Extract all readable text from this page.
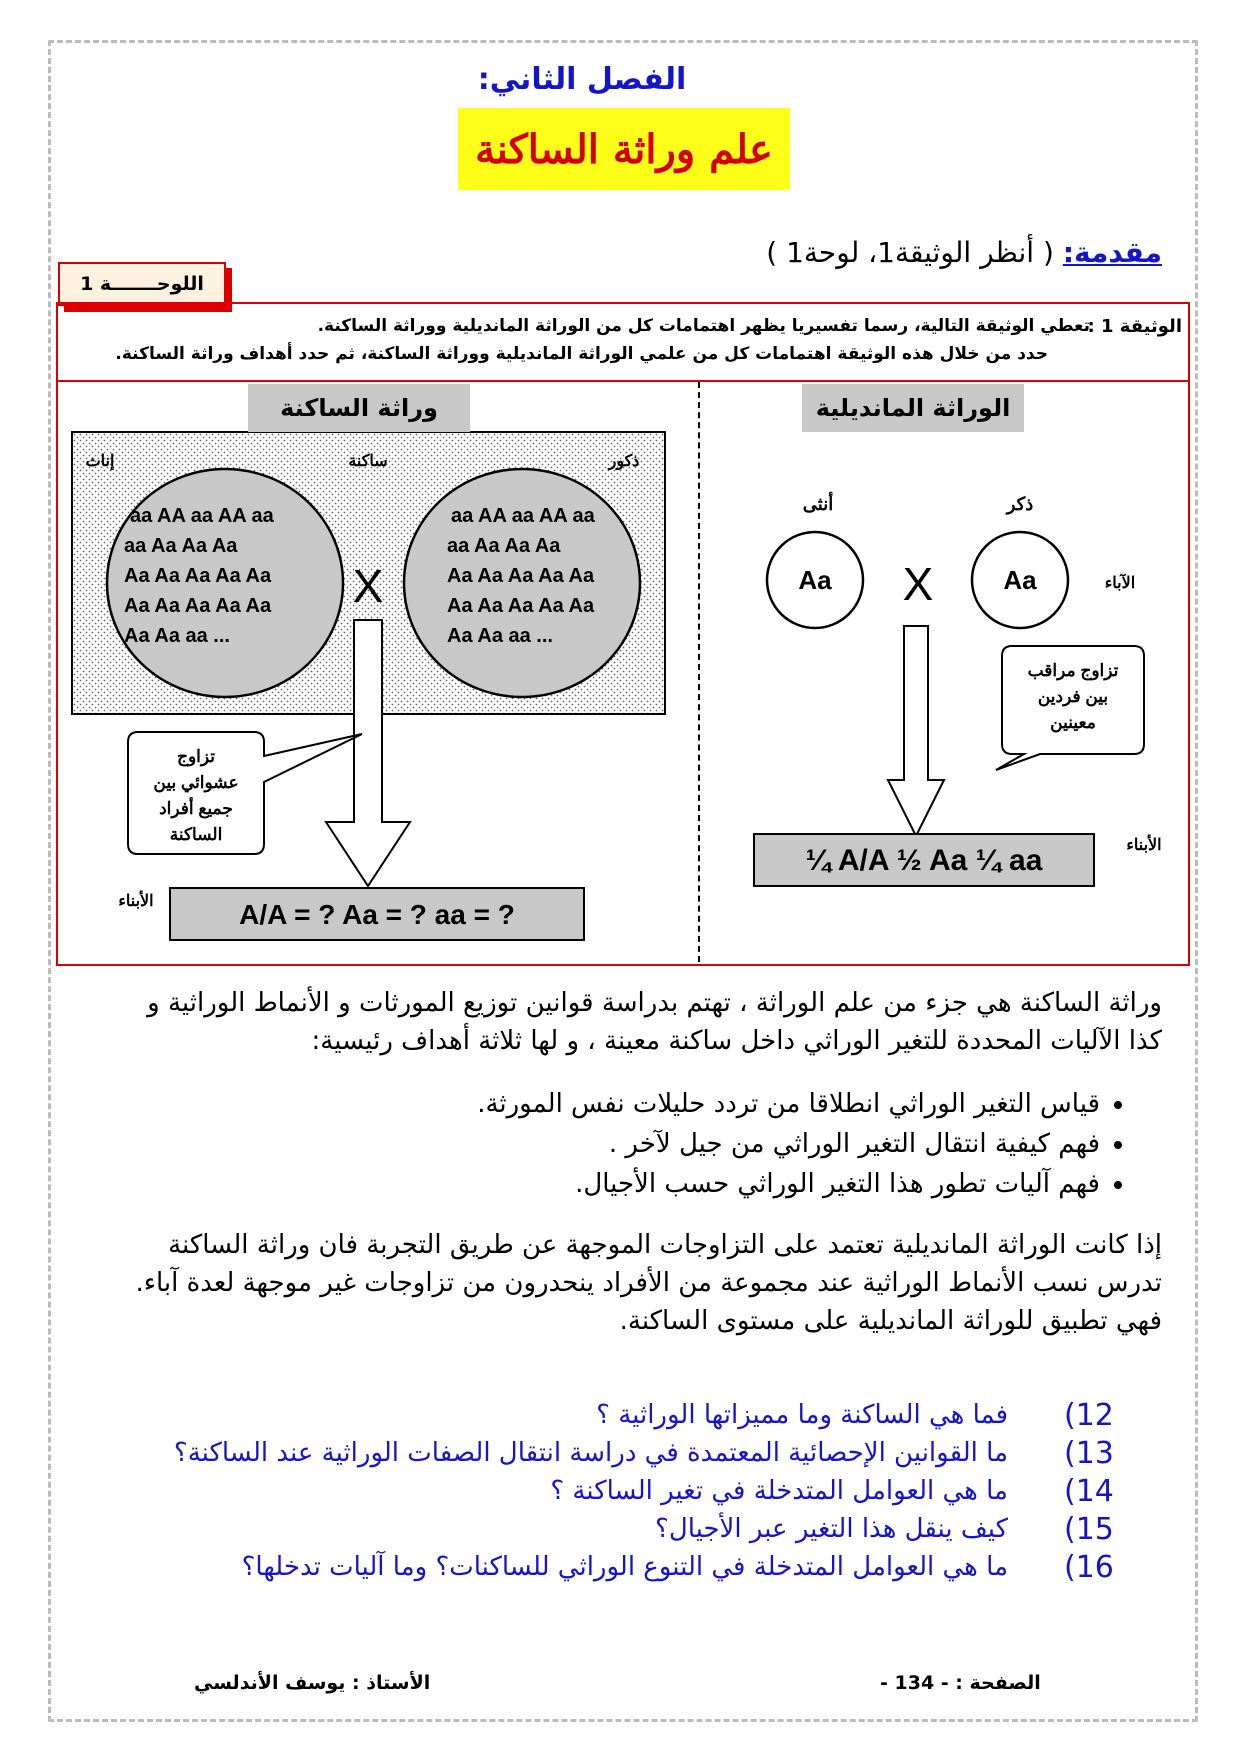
الفصل الثاني:
علم وراثة الساكنة
مقدمة: ( أنظر الوثيقة1، لوحة1 )
اللوحـــــــة 1
الوثيقة 1 :
تعطي الوثيقة التالية، رسما تفسيريا يظهر اهتمامات كل من الوراثة المانديلية ووراثة الساكنة.
حدد من خلال هذه الوثيقة اهتمامات كل من علمي الوراثة المانديلية ووراثة الساكنة، ثم حدد أهداف وراثة الساكنة.
الوراثة المانديلية
أنثى	ذكر
Aa	Aa
X	الآباء
تزاوج مراقب
بين فردين
معينين
¼ A/A ½ Aa ¼ aa	الأبناء
ذكور
ساكنة
إناث
aa AA aa AA aa
aa Aa Aa Aa
Aa Aa Aa Aa Aa
Aa Aa Aa Aa Aa
Aa Aa aa ...
aa AA aa AA aa
aa Aa Aa Aa
Aa Aa Aa Aa Aa
Aa Aa Aa Aa Aa
Aa Aa aa ...
X
تزاوج
عشوائي بين
جميع أفراد
الساكنة
A/A = ? Aa = ? aa = ?
الأبناء
وراثة الساكنة
وراثة الساكنة هي جزء من علم الوراثة ، تهتم بدراسة قوانين توزيع المورثات و الأنماط الوراثية و كذا الآليات المحددة للتغير الوراثي داخل ساكنة معينة ، و لها ثلاثة أهداف رئيسية:
• قياس التغير الوراثي انطلاقا من تردد حليلات نفس المورثة.
• فهم كيفية انتقال التغير الوراثي من جيل لآخر .
• فهم آليات تطور هذا التغير الوراثي حسب الأجيال.
إذا كانت الوراثة المانديلية تعتمد على التزاوجات الموجهة عن طريق التجربة فان وراثة الساكنة تدرس نسب الأنماط الوراثية عند مجموعة من الأفراد ينحدرون من تزاوجات غير موجهة لعدة آباء. فهي تطبيق للوراثة المانديلية على مستوى الساكنة.
(12
فما هي الساكنة وما مميزاتها الوراثية ؟
(13
ما القوانين الإحصائية المعتمدة في دراسة انتقال الصفات الوراثية عند الساكنة؟
(14
ما هي العوامل المتدخلة في تغير الساكنة ؟
(15
كيف ينقل هذا التغير عبر الأجيال؟
(16
ما هي العوامل المتدخلة في التنوع الوراثي للساكنات؟ وما آليات تدخلها؟
الأستاذ : يوسف الأندلسي	الصفحة : - 134 -
